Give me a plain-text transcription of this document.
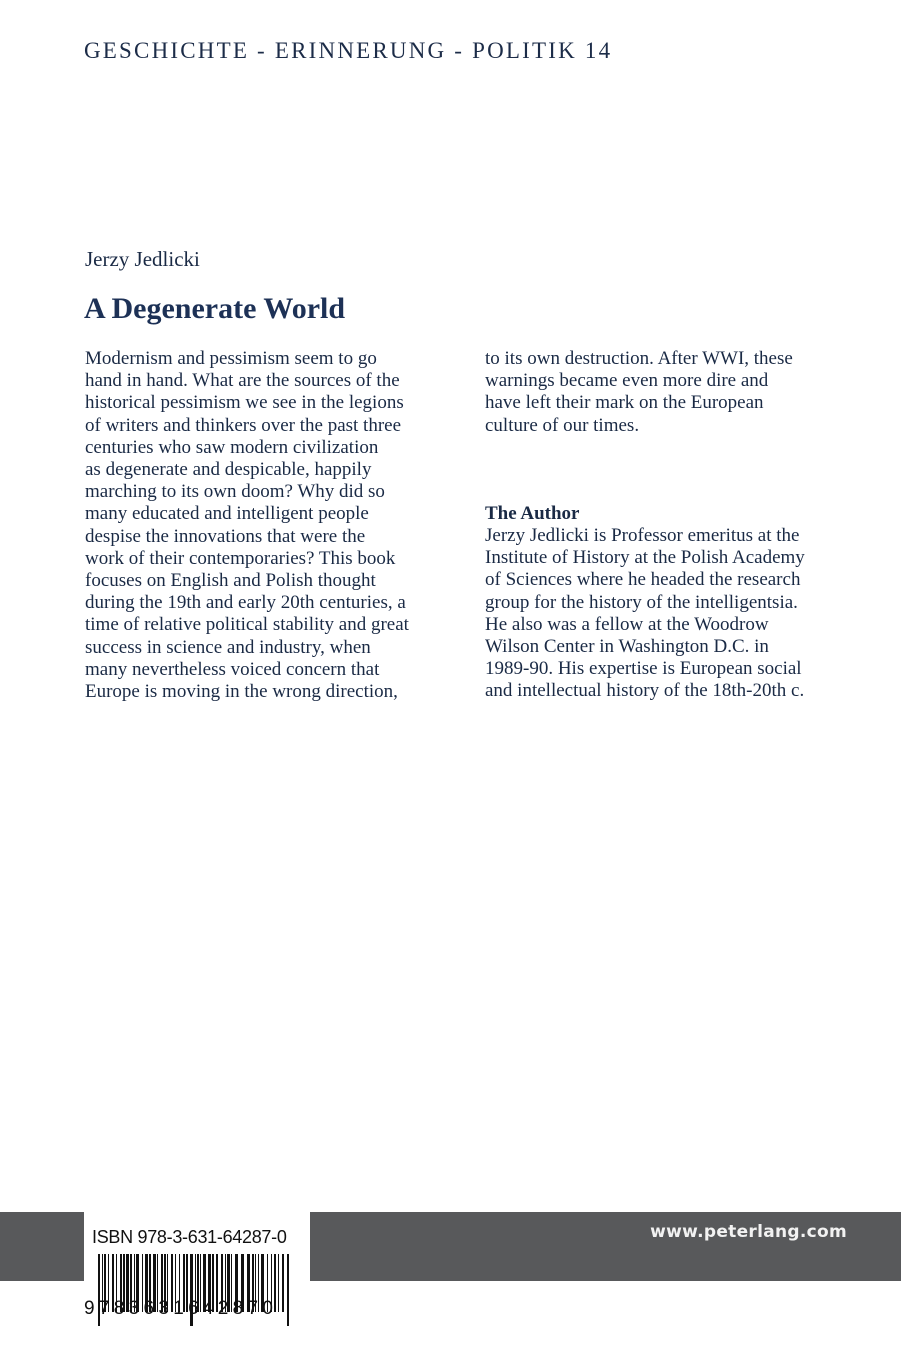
GESCHICHTE - ERINNERUNG - POLITIK 14
Jerzy Jedlicki
A Degenerate World
Modernism and pessimism seem to go
hand in hand. What are the sources of the
historical pessimism we see in the legions
of writers and thinkers over the past three
centuries who saw modern civilization
as degenerate and despicable, happily
marching to its own doom? Why did so
many educated and intelligent people
despise the innovations that were the
work of their contemporaries? This book
focuses on English and Polish thought
during the 19th and early 20th centuries, a
time of relative political stability and great
success in science and industry, when
many nevertheless voiced concern that
Europe is moving in the wrong direction,
to its own destruction. After WWI, these
warnings became even more dire and
have left their mark on the European
culture of our times.
The Author
Jerzy Jedlicki is Professor emeritus at the
Institute of History at the Polish Academy
of Sciences where he headed the research
group for the history of the intelligentsia.
He also was a fellow at the Woodrow
Wilson Center in Washington D.C. in
1989-90. His expertise is European social
and intellectual history of the 18th-20th c.
www.peterlang.com
ISBN 978-3-631-64287-0
9783631642870
